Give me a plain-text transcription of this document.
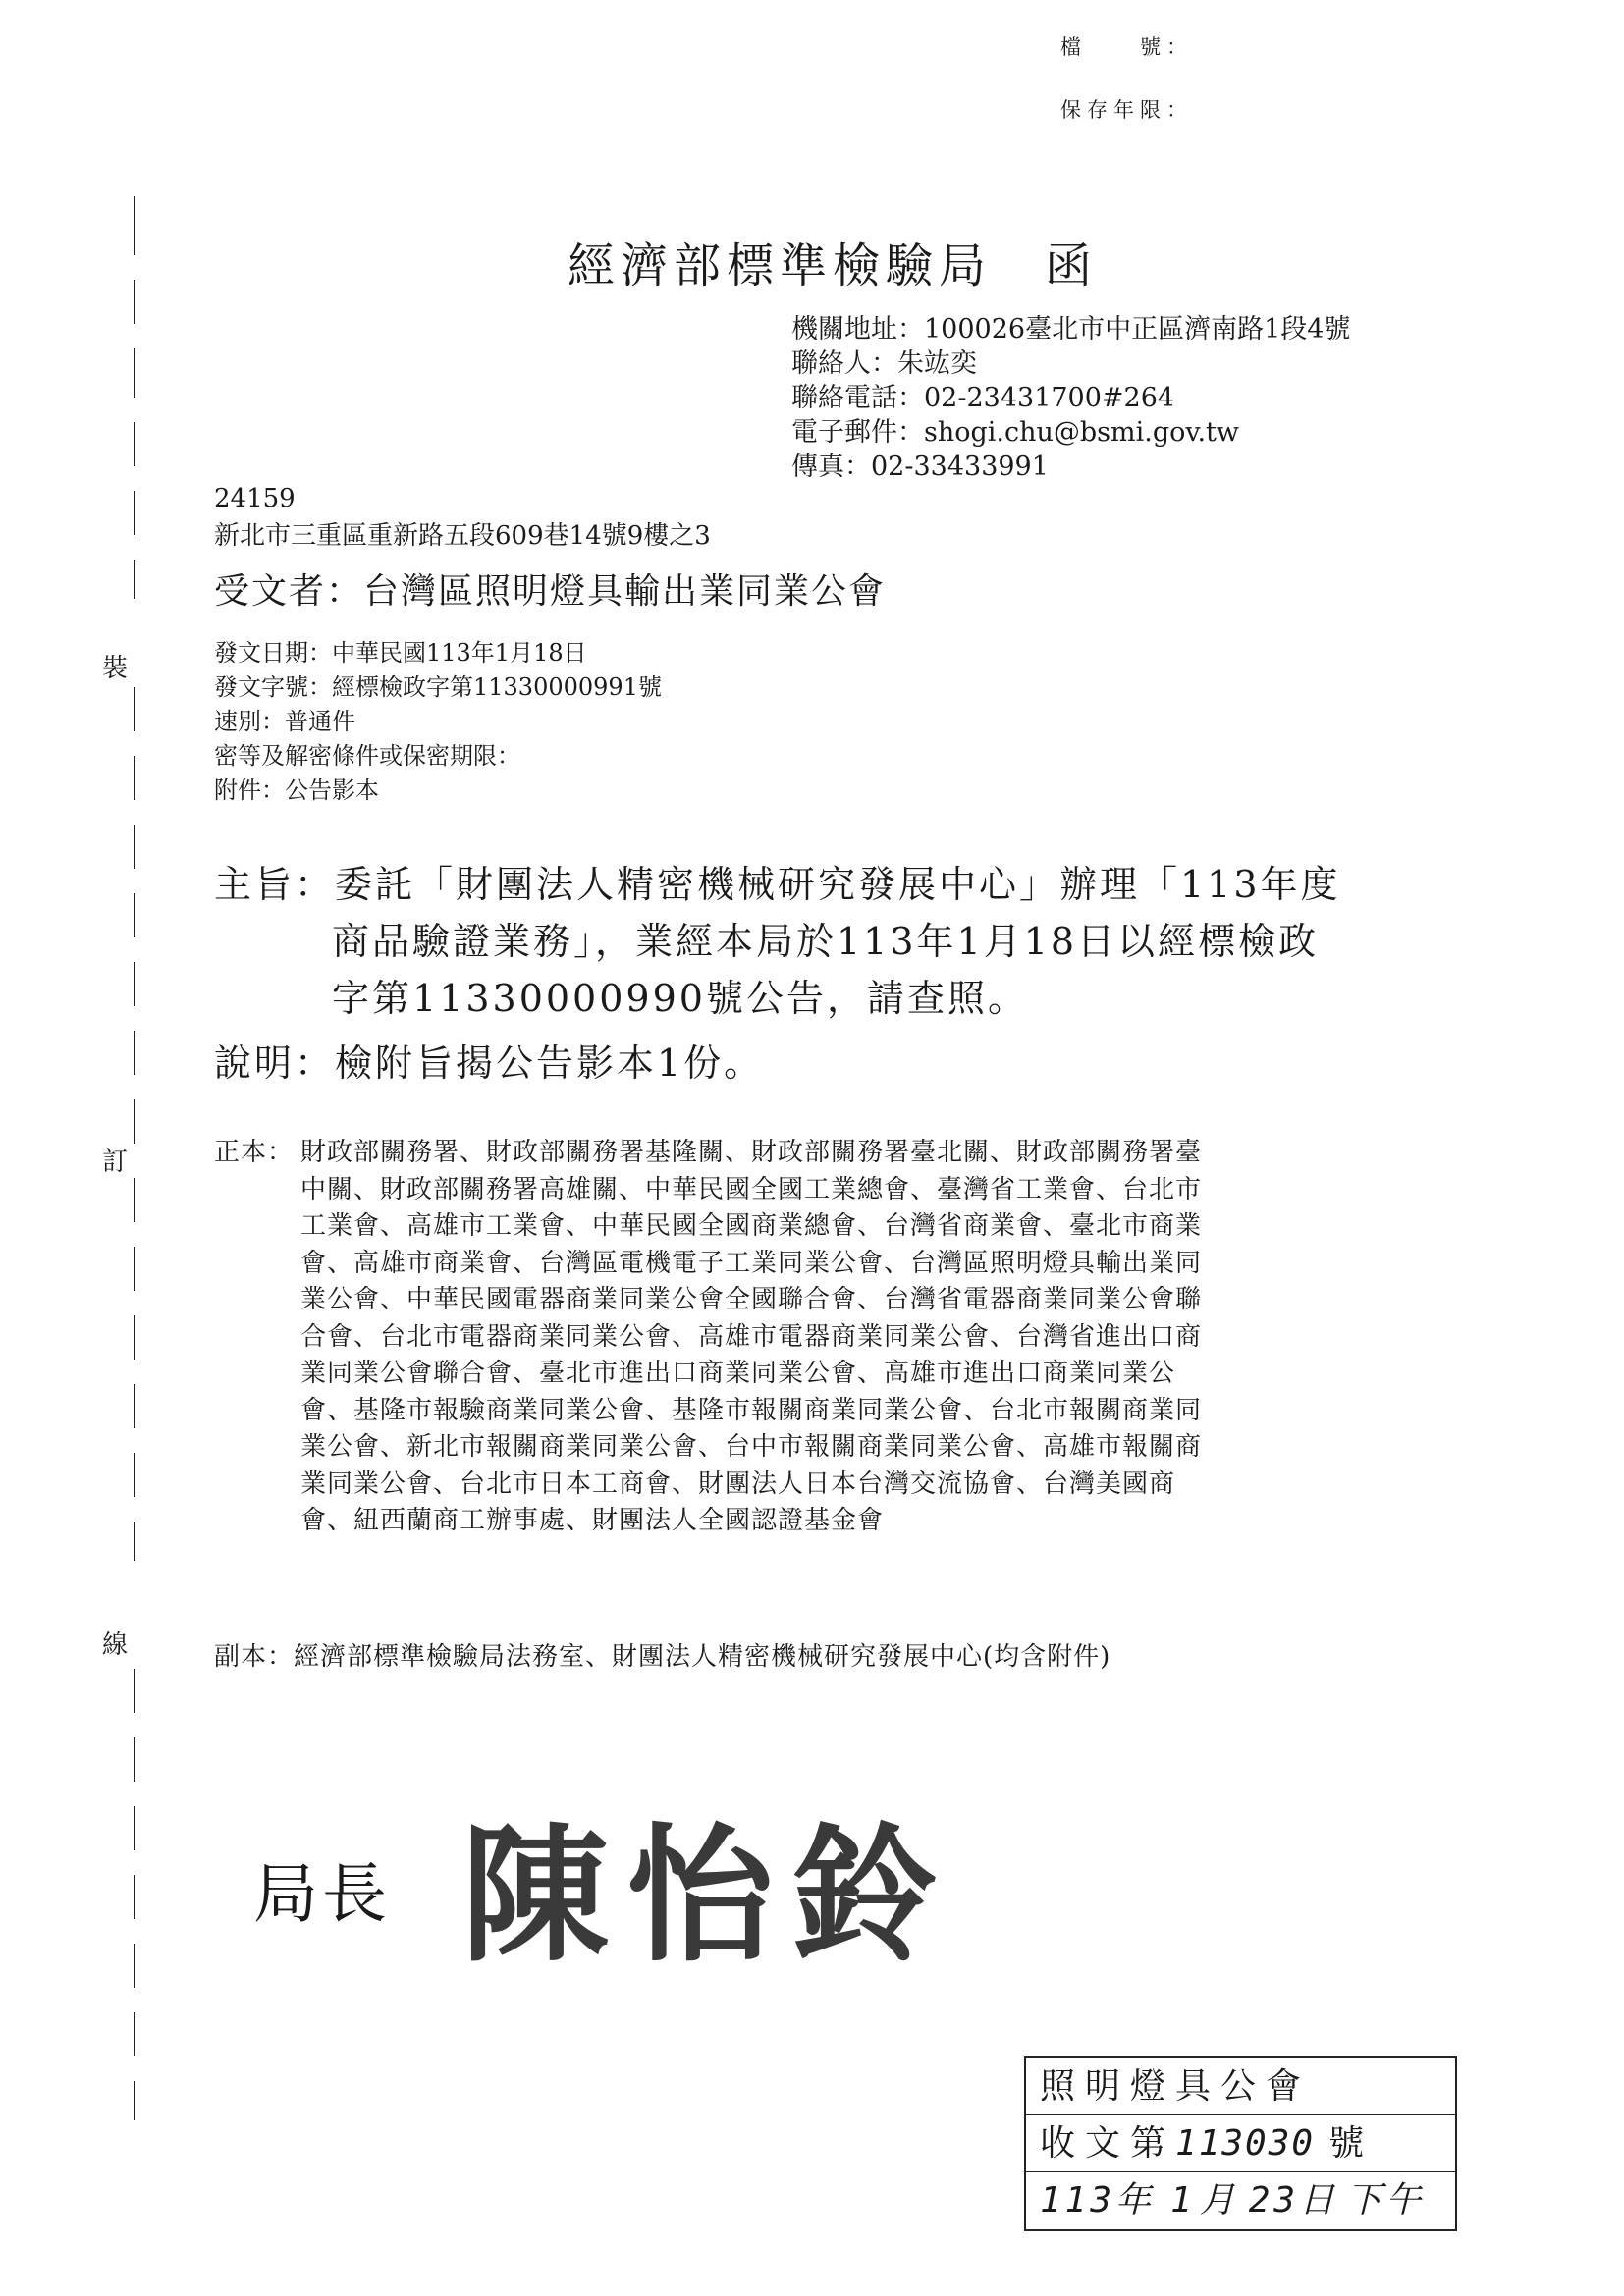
檔　　號：
保存年限：
裝
訂
線
經濟部標準檢驗局　函
機關地址：100026臺北市中正區濟南路1段4號
聯絡人：朱竑奕
聯絡電話：02-23431700#264
電子郵件：shogi.chu@bsmi.gov.tw
傳真：02-33433991
24159
新北市三重區重新路五段609巷14號9樓之3
受文者：台灣區照明燈具輸出業同業公會
發文日期：中華民國113年1月18日
發文字號：經標檢政字第11330000991號
速別：普通件
密等及解密條件或保密期限：
附件：公告影本
主旨：委託「財團法人精密機械研究發展中心」辦理「113年度
商品驗證業務」，業經本局於113年1月18日以經標檢政
字第11330000990號公告，請查照。
說明：檢附旨揭公告影本1份。
正本： 財政部關務署、財政部關務署基隆關、財政部關務署臺北關、財政部關務署臺
中關、財政部關務署高雄關、中華民國全國工業總會、臺灣省工業會、台北市
工業會、高雄市工業會、中華民國全國商業總會、台灣省商業會、臺北市商業
會、高雄市商業會、台灣區電機電子工業同業公會、台灣區照明燈具輸出業同
業公會、中華民國電器商業同業公會全國聯合會、台灣省電器商業同業公會聯
合會、台北市電器商業同業公會、高雄市電器商業同業公會、台灣省進出口商
業同業公會聯合會、臺北市進出口商業同業公會、高雄市進出口商業同業公
會、基隆市報驗商業同業公會、基隆市報關商業同業公會、台北市報關商業同
業公會、新北市報關商業同業公會、台中市報關商業同業公會、高雄市報關商
業同業公會、台北市日本工商會、財團法人日本台灣交流協會、台灣美國商
會、紐西蘭商工辦事處、財團法人全國認證基金會
副本：經濟部標準檢驗局法務室、財團法人精密機械研究發展中心(均含附件)
局長 陳怡鈴
照明燈具公會
收文第113030 號
113年 1 月 23日 下午
